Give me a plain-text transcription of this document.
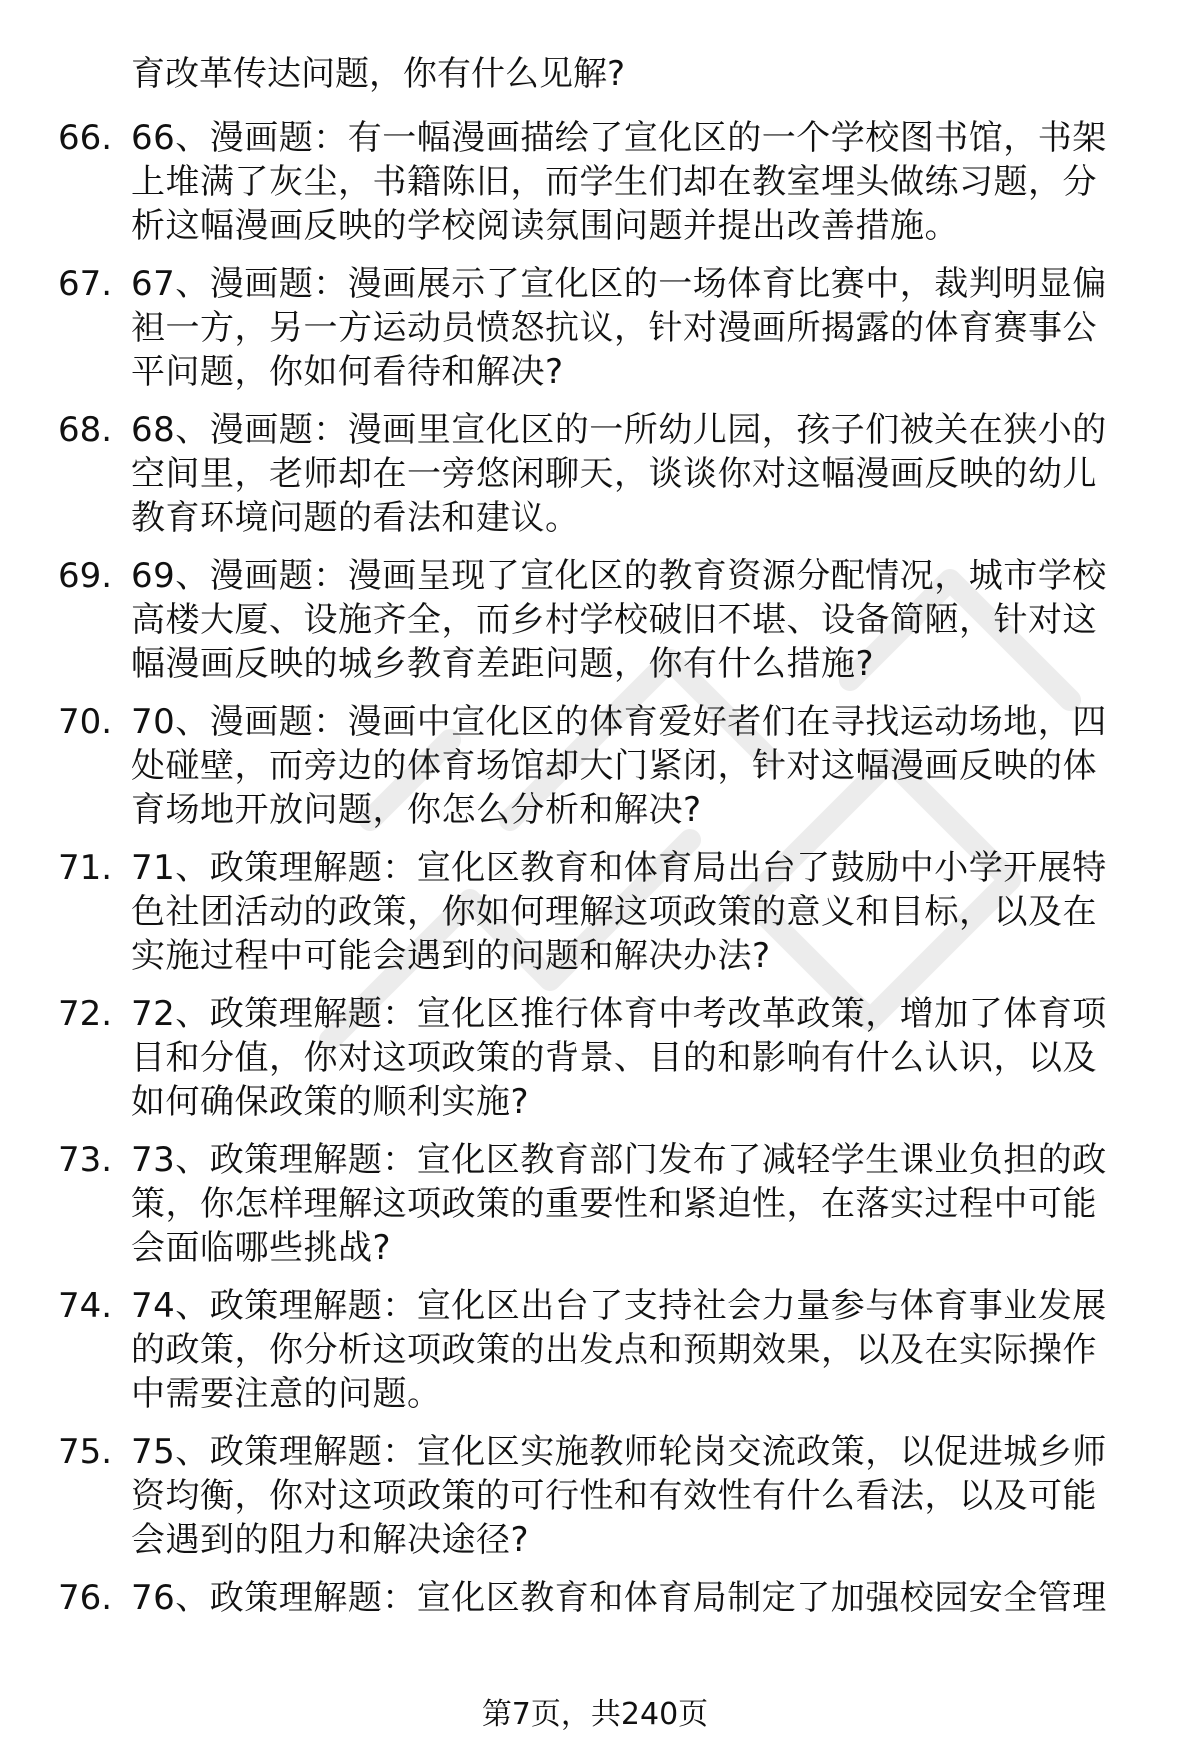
育改革传达问题，你有什么见解?
66. 66、漫画题：有一幅漫画描绘了宣化区的一个学校图书馆，书架上堆满了灰尘，书籍陈旧，而学生们却在教室埋头做练习题，分析这幅漫画反映的学校阅读氛围问题并提出改善措施。
67. 67、漫画题：漫画展示了宣化区的一场体育比赛中，裁判明显偏袒一方，另一方运动员愤怒抗议，针对漫画所揭露的体育赛事公平问题，你如何看待和解决?
68. 68、漫画题：漫画里宣化区的一所幼儿园，孩子们被关在狭小的空间里，老师却在一旁悠闲聊天，谈谈你对这幅漫画反映的幼儿教育环境问题的看法和建议。
69. 69、漫画题：漫画呈现了宣化区的教育资源分配情况，城市学校高楼大厦、设施齐全，而乡村学校破旧不堪、设备简陋，针对这幅漫画反映的城乡教育差距问题，你有什么措施?
70. 70、漫画题：漫画中宣化区的体育爱好者们在寻找运动场地，四处碰壁，而旁边的体育场馆却大门紧闭，针对这幅漫画反映的体育场地开放问题，你怎么分析和解决?
71. 71、政策理解题：宣化区教育和体育局出台了鼓励中小学开展特色社团活动的政策，你如何理解这项政策的意义和目标，以及在实施过程中可能会遇到的问题和解决办法?
72. 72、政策理解题：宣化区推行体育中考改革政策，增加了体育项目和分值，你对这项政策的背景、目的和影响有什么认识，以及如何确保政策的顺利实施?
73. 73、政策理解题：宣化区教育部门发布了减轻学生课业负担的政策，你怎样理解这项政策的重要性和紧迫性，在落实过程中可能会面临哪些挑战?
74. 74、政策理解题：宣化区出台了支持社会力量参与体育事业发展的政策，你分析这项政策的出发点和预期效果，以及在实际操作中需要注意的问题。
75. 75、政策理解题：宣化区实施教师轮岗交流政策，以促进城乡师资均衡，你对这项政策的可行性和有效性有什么看法，以及可能会遇到的阻力和解决途径?
76. 76、政策理解题：宣化区教育和体育局制定了加强校园安全管理
第7页，共240页
